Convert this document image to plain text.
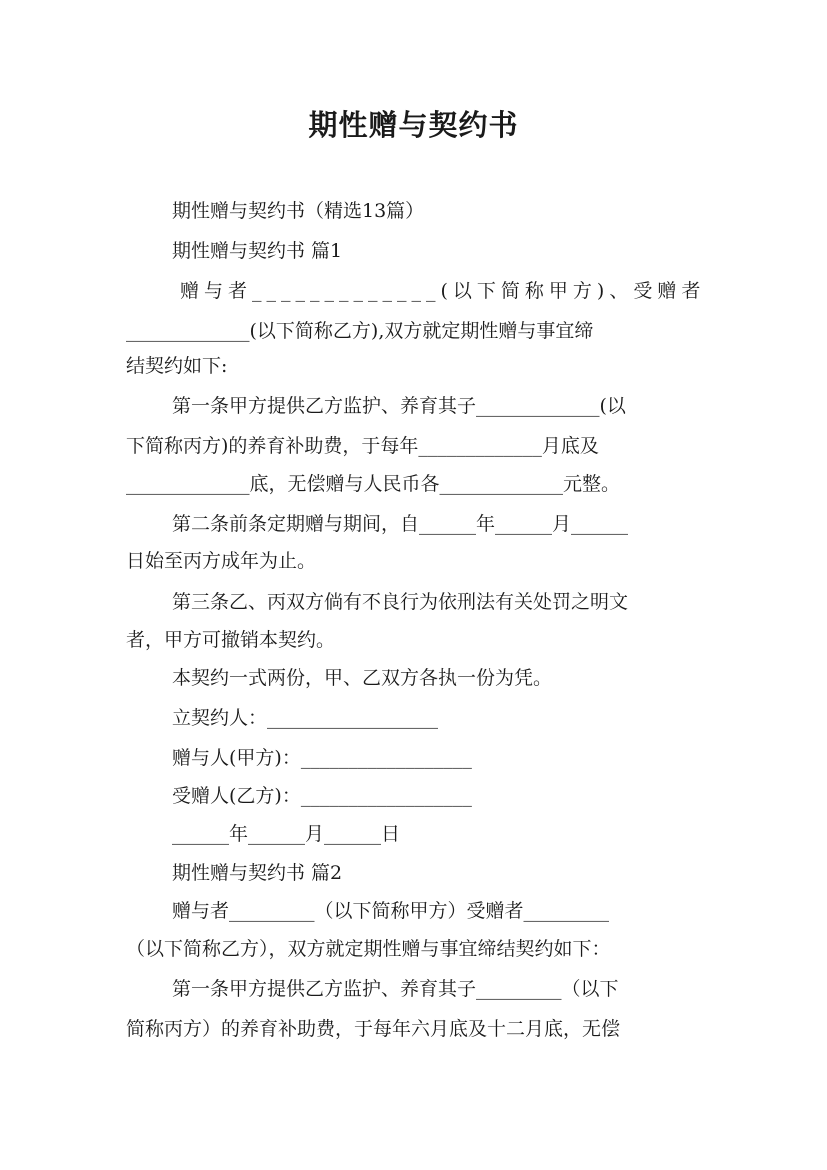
期性赠与契约书
期性赠与契约书（精选13篇）
期性赠与契约书 篇1
赠与者_____________(以下简称甲方)、受赠者
_____________(以下简称乙方),双方就定期性赠与事宜缔
结契约如下:
第一条甲方提供乙方监护、养育其子_____________(以
下简称丙方)的养育补助费，于每年_____________月底及
_____________底，无偿赠与人民币各_____________元整。
第二条前条定期赠与期间，自______年______月______
日始至丙方成年为止。
第三条乙、丙双方倘有不良行为依刑法有关处罚之明文
者，甲方可撤销本契约。
本契约一式两份，甲、乙双方各执一份为凭。
立契约人：__________________
赠与人(甲方)：__________________
受赠人(乙方)：__________________
______年______月______日
期性赠与契约书 篇2
赠与者_________（以下简称甲方）受赠者_________
（以下简称乙方），双方就定期性赠与事宜缔结契约如下：
第一条甲方提供乙方监护、养育其子_________（以下
简称丙方）的养育补助费，于每年六月底及十二月底，无偿
